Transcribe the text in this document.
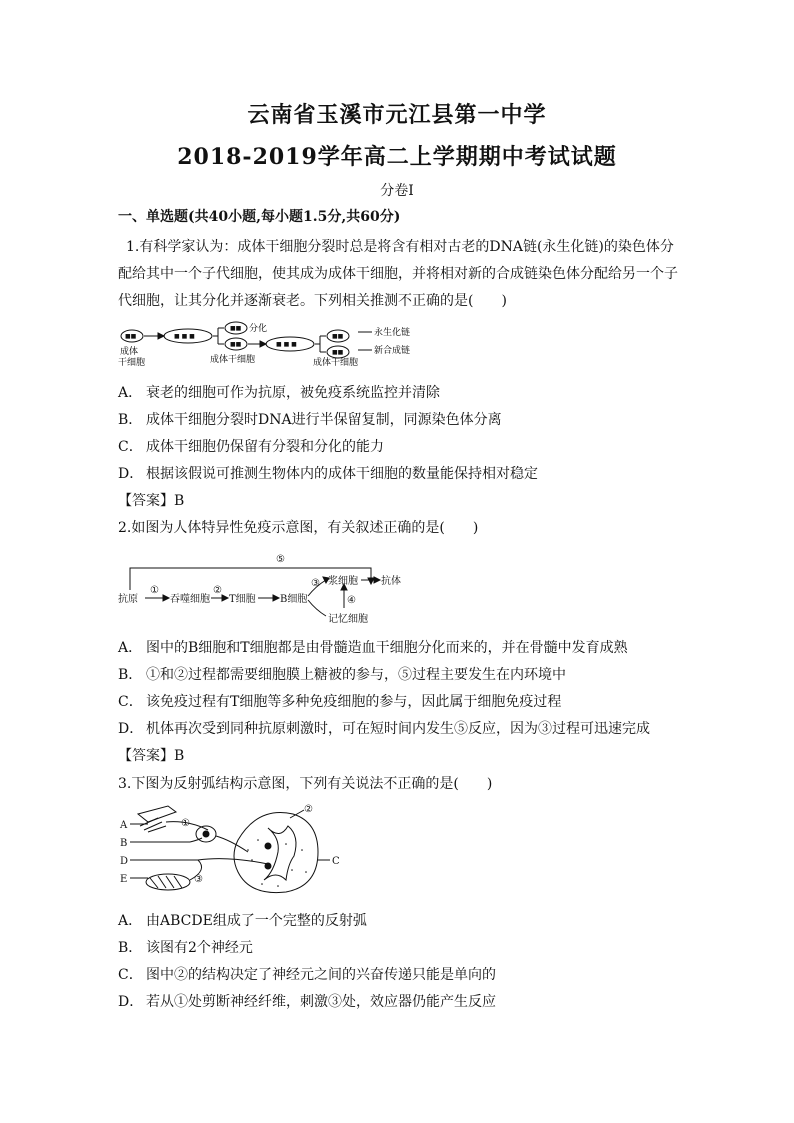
云南省玉溪市元江县第一中学
2018-2019学年高二上学期期中考试试题
分卷I
一、单选题(共40小题,每小题1.5分,共60分)
1.有科学家认为：成体干细胞分裂时总是将含有相对古老的DNA链(永生化链)的染色体分
配给其中一个子代细胞，使其成为成体干细胞，并将相对新的合成链染色体分配给另一个子
代细胞，让其分化并逐渐衰老。下列相关推测不正确的是(　　)
■■	■ ■ ■
■■
■■	■ ■ ■
■■
■■
成体
干细胞
分化
成体干细胞	成体干细胞
永生化链
新合成链
A． 衰老的细胞可作为抗原，被免疫系统监控并清除
B． 成体干细胞分裂时DNA进行半保留复制，同源染色体分离
C． 成体干细胞仍保留有分裂和分化的能力
D． 根据该假说可推测生物体内的成体干细胞的数量能保持相对稳定
【答案】B
2.如图为人体特异性免疫示意图，有关叙述正确的是(　　)
抗原	吞噬细胞 T细胞 B细胞
浆细胞 抗体
记忆细胞
⑤
①	②
③
④
A． 图中的B细胞和T细胞都是由骨髓造血干细胞分化而来的，并在骨髓中发育成熟
B． ①和②过程都需要细胞膜上糖被的参与，⑤过程主要发生在内环境中
C． 该免疫过程有T细胞等多种免疫细胞的参与，因此属于细胞免疫过程
D． 机体再次受到同种抗原刺激时，可在短时间内发生⑤反应，因为③过程可迅速完成
【答案】B
3.下图为反射弧结构示意图，下列有关说法不正确的是(　　)
A
B
C
D
E
①
②
③
A． 由ABCDE组成了一个完整的反射弧
B． 该图有2个神经元
C． 图中②的结构决定了神经元之间的兴奋传递只能是单向的
D． 若从①处剪断神经纤维，刺激③处，效应器仍能产生反应
